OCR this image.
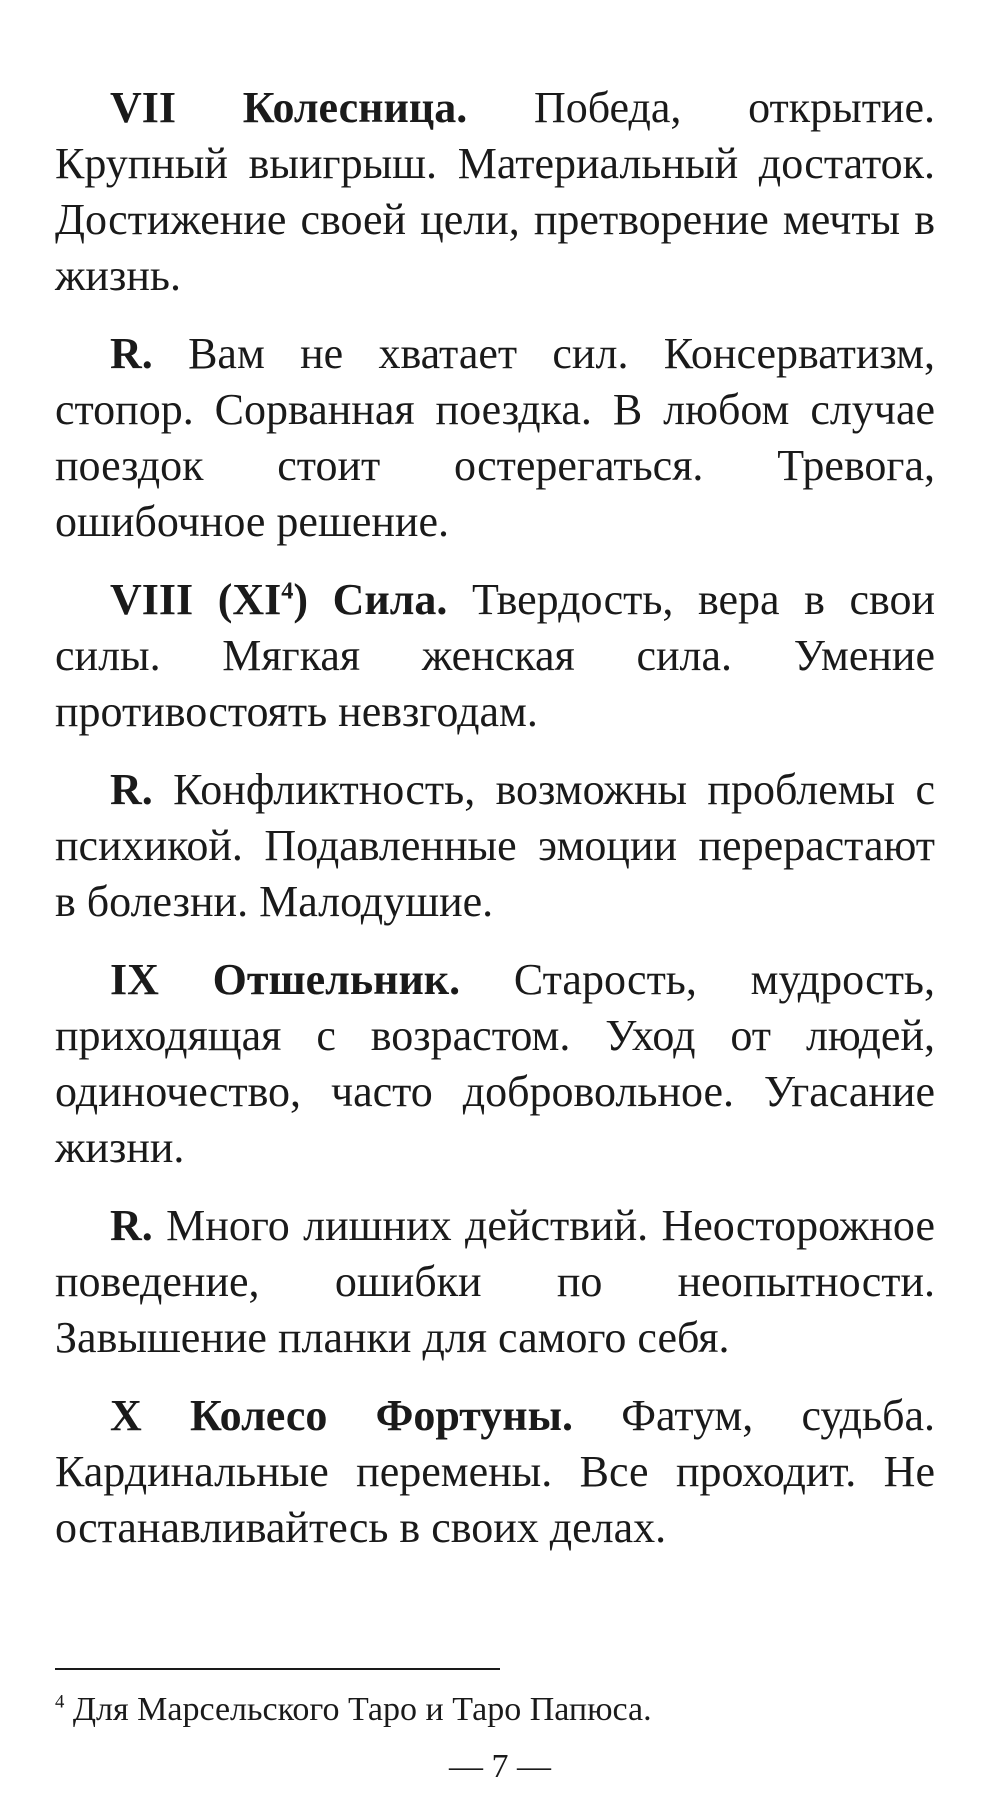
VII Колесница. Победа, открытие. Крупный выигрыш. Материальный достаток. Достижение своей цели, претворение мечты в жизнь.

R. Вам не хватает сил. Консерватизм, стопор. Сорванная поездка. В любом случае поездок стоит остерегаться. Тревога, ошибочное решение.

VIII $(XI^4)$ Сила. Твердость, вера в свои силы. Мягкая женская сила. Умение противостоять невзгодам.

R. Конфликтность, возможны проблемы с психикой. Подавленные эмоции перерастают в болезни. Малодушие.

IX Отшельник. Старость, мудрость, приходящая с возрастом. Уход от людей, одиночество, часто добровольное. Угасание жизни.

R. Много лишних действий. Неосторожное поведение, ошибки по неопытности. Завышение планки для самого себя.

X Колесо Фортуны. Фатум, судьба. Кардинальные перемены. Все проходит. Не останавливайтесь в своих делах.

$^4$ Для Марсельского Таро и Таро Папюса.
— 7 —
